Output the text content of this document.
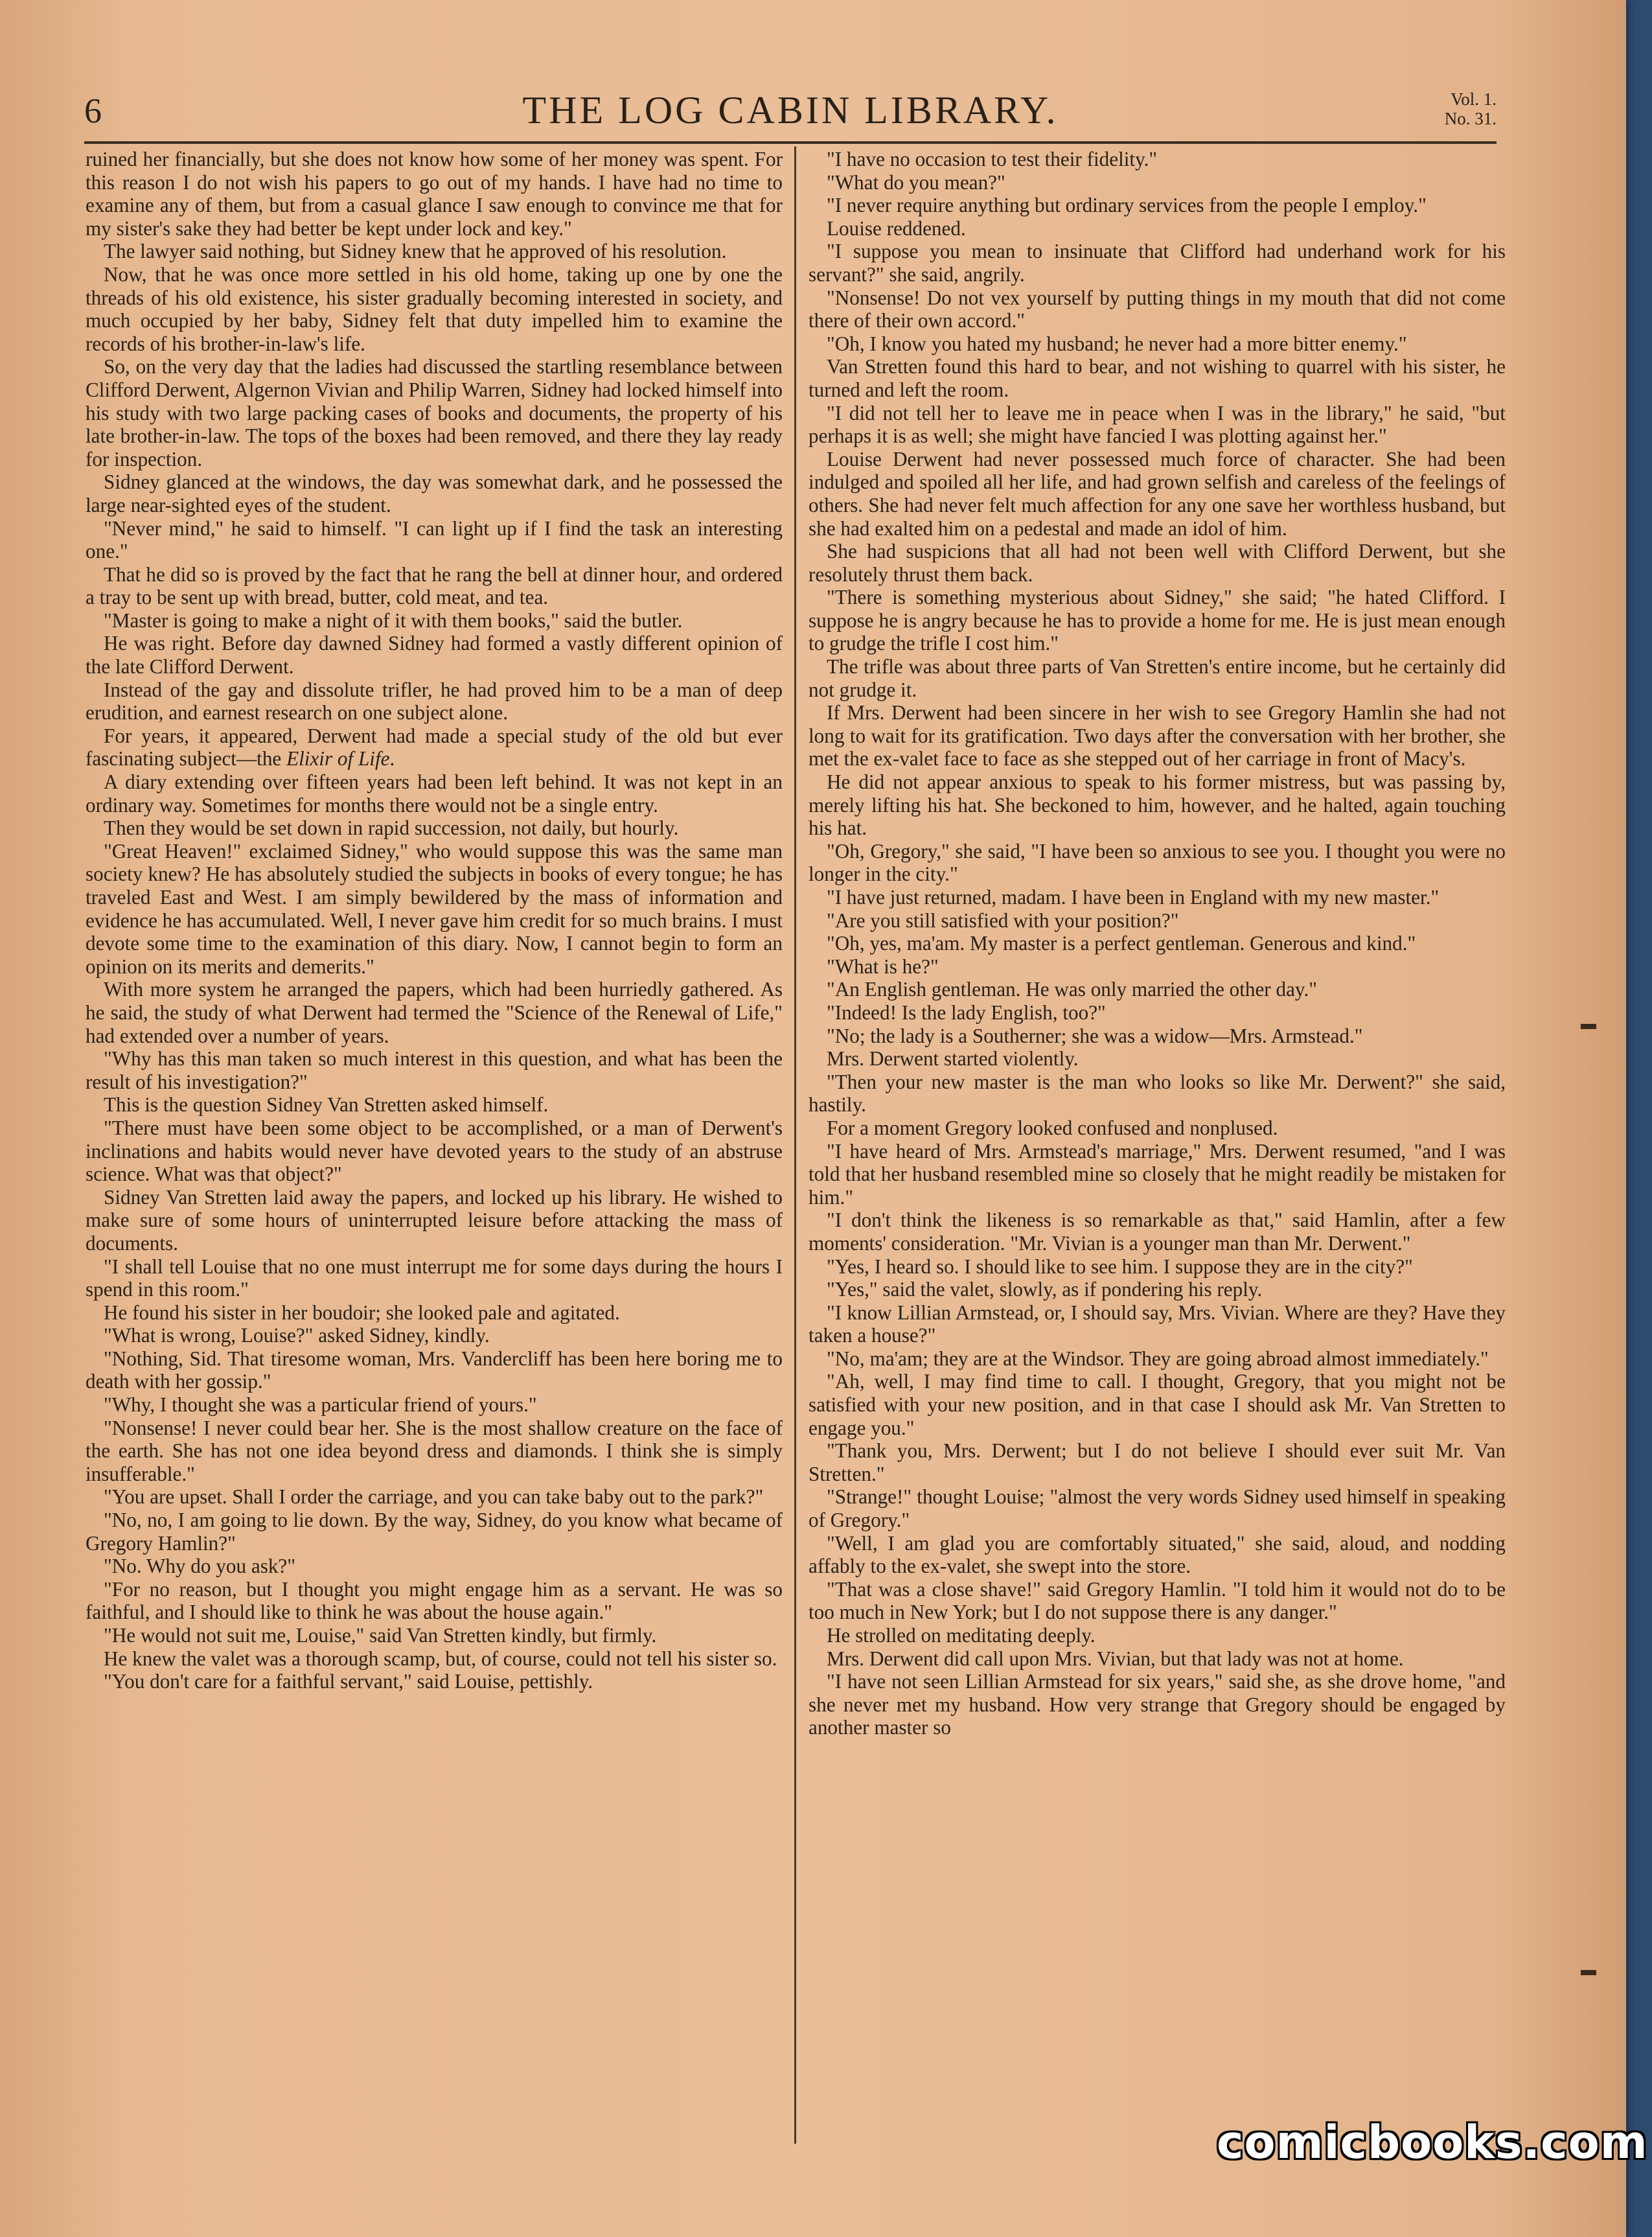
6	THE LOG CABIN LIBRARY.	Vol. 1.
No. 31.

ruined her financially, but she does not know how some of her money was spent. For this reason I do not wish his papers to go out of my hands. I have had no time to examine any of them, but from a casual glance I saw enough to convince me that for my sister's sake they had better be kept under lock and key."

The lawyer said nothing, but Sidney knew that he approved of his resolution.

Now, that he was once more settled in his old home, taking up one by one the threads of his old existence, his sister gradually becoming interested in society, and much occupied by her baby, Sidney felt that duty impelled him to examine the records of his brother-in-law's life.

So, on the very day that the ladies had discussed the startling resemblance between Clifford Derwent, Algernon Vivian and Philip Warren, Sidney had locked himself into his study with two large packing cases of books and documents, the property of his late brother-in-law. The tops of the boxes had been removed, and there they lay ready for inspection.

Sidney glanced at the windows, the day was somewhat dark, and he possessed the large near-sighted eyes of the student.

"Never mind," he said to himself. "I can light up if I find the task an interesting one."

That he did so is proved by the fact that he rang the bell at dinner hour, and ordered a tray to be sent up with bread, butter, cold meat, and tea.

"Master is going to make a night of it with them books," said the butler.

He was right. Before day dawned Sidney had formed a vastly different opinion of the late Clifford Derwent.

Instead of the gay and dissolute trifler, he had proved him to be a man of deep erudition, and earnest research on one subject alone.

For years, it appeared, Derwent had made a special study of the old but ever fascinating subject—the Elixir of Life.

A diary extending over fifteen years had been left behind. It was not kept in an ordinary way. Sometimes for months there would not be a single entry.

Then they would be set down in rapid succession, not daily, but hourly.

"Great Heaven!" exclaimed Sidney," who would suppose this was the same man society knew? He has absolutely studied the subjects in books of every tongue; he has traveled East and West. I am simply bewildered by the mass of information and evidence he has accumulated. Well, I never gave him credit for so much brains. I must devote some time to the examination of this diary. Now, I cannot begin to form an opinion on its merits and demerits."

With more system he arranged the papers, which had been hurriedly gathered. As he said, the study of what Derwent had termed the "Science of the Renewal of Life," had extended over a number of years.

"Why has this man taken so much interest in this question, and what has been the result of his investigation?"

This is the question Sidney Van Stretten asked himself.

"There must have been some object to be accomplished, or a man of Derwent's inclinations and habits would never have devoted years to the study of an abstruse science. What was that object?"

Sidney Van Stretten laid away the papers, and locked up his library. He wished to make sure of some hours of uninterrupted leisure before attacking the mass of documents.

"I shall tell Louise that no one must interrupt me for some days during the hours I spend in this room."

He found his sister in her boudoir; she looked pale and agitated.

"What is wrong, Louise?" asked Sidney, kindly.

"Nothing, Sid. That tiresome woman, Mrs. Vandercliff has been here boring me to death with her gossip."

"Why, I thought she was a particular friend of yours."

"Nonsense! I never could bear her. She is the most shallow creature on the face of the earth. She has not one idea beyond dress and diamonds. I think she is simply insufferable."

"You are upset. Shall I order the carriage, and you can take baby out to the park?"

"No, no, I am going to lie down. By the way, Sidney, do you know what became of Gregory Hamlin?"

"No. Why do you ask?"

"For no reason, but I thought you might engage him as a servant. He was so faithful, and I should like to think he was about the house again."

"He would not suit me, Louise," said Van Stretten kindly, but firmly.

He knew the valet was a thorough scamp, but, of course, could not tell his sister so.

"You don't care for a faithful servant," said Louise, pettishly.

"I have no occasion to test their fidelity."

"What do you mean?"

"I never require anything but ordinary services from the people I employ."

Louise reddened.

"I suppose you mean to insinuate that Clifford had underhand work for his servant?" she said, angrily.

"Nonsense! Do not vex yourself by putting things in my mouth that did not come there of their own accord."

"Oh, I know you hated my husband; he never had a more bitter enemy."

Van Stretten found this hard to bear, and not wishing to quarrel with his sister, he turned and left the room.

"I did not tell her to leave me in peace when I was in the library," he said, "but perhaps it is as well; she might have fancied I was plotting against her."

Louise Derwent had never possessed much force of character. She had been indulged and spoiled all her life, and had grown selfish and careless of the feelings of others. She had never felt much affection for any one save her worthless husband, but she had exalted him on a pedestal and made an idol of him.

She had suspicions that all had not been well with Clifford Derwent, but she resolutely thrust them back.

"There is something mysterious about Sidney," she said; "he hated Clifford. I suppose he is angry because he has to provide a home for me. He is just mean enough to grudge the trifle I cost him."

The trifle was about three parts of Van Stretten's entire income, but he certainly did not grudge it.

If Mrs. Derwent had been sincere in her wish to see Gregory Hamlin she had not long to wait for its gratification. Two days after the conversation with her brother, she met the ex-valet face to face as she stepped out of her carriage in front of Macy's.

He did not appear anxious to speak to his former mistress, but was passing by, merely lifting his hat. She beckoned to him, however, and he halted, again touching his hat.

"Oh, Gregory," she said, "I have been so anxious to see you. I thought you were no longer in the city."

"I have just returned, madam. I have been in England with my new master."

"Are you still satisfied with your position?"

"Oh, yes, ma'am. My master is a perfect gentleman. Generous and kind."

"What is he?"

"An English gentleman. He was only married the other day."

"Indeed! Is the lady English, too?"

"No; the lady is a Southerner; she was a widow—Mrs. Armstead."

Mrs. Derwent started violently.

"Then your new master is the man who looks so like Mr. Derwent?" she said, hastily.

For a moment Gregory looked confused and nonplused.

"I have heard of Mrs. Armstead's marriage," Mrs. Derwent resumed, "and I was told that her husband resembled mine so closely that he might readily be mistaken for him."

"I don't think the likeness is so remarkable as that," said Hamlin, after a few moments' consideration. "Mr. Vivian is a younger man than Mr. Derwent."

"Yes, I heard so. I should like to see him. I suppose they are in the city?"

"Yes," said the valet, slowly, as if pondering his reply.

"I know Lillian Armstead, or, I should say, Mrs. Vivian. Where are they? Have they taken a house?"

"No, ma'am; they are at the Windsor. They are going abroad almost immediately."

"Ah, well, I may find time to call. I thought, Gregory, that you might not be satisfied with your new position, and in that case I should ask Mr. Van Stretten to engage you."

"Thank you, Mrs. Derwent; but I do not believe I should ever suit Mr. Van Stretten."

"Strange!" thought Louise; "almost the very words Sidney used himself in speaking of Gregory."

"Well, I am glad you are comfortably situated," she said, aloud, and nodding affably to the ex-valet, she swept into the store.

"That was a close shave!" said Gregory Hamlin. "I told him it would not do to be too much in New York; but I do not suppose there is any danger."

He strolled on meditating deeply.

Mrs. Derwent did call upon Mrs. Vivian, but that lady was not at home.

"I have not seen Lillian Armstead for six years," said she, as she drove home, "and she never met my husband. How very strange that Gregory should be engaged by another master so

comicbooks.com
